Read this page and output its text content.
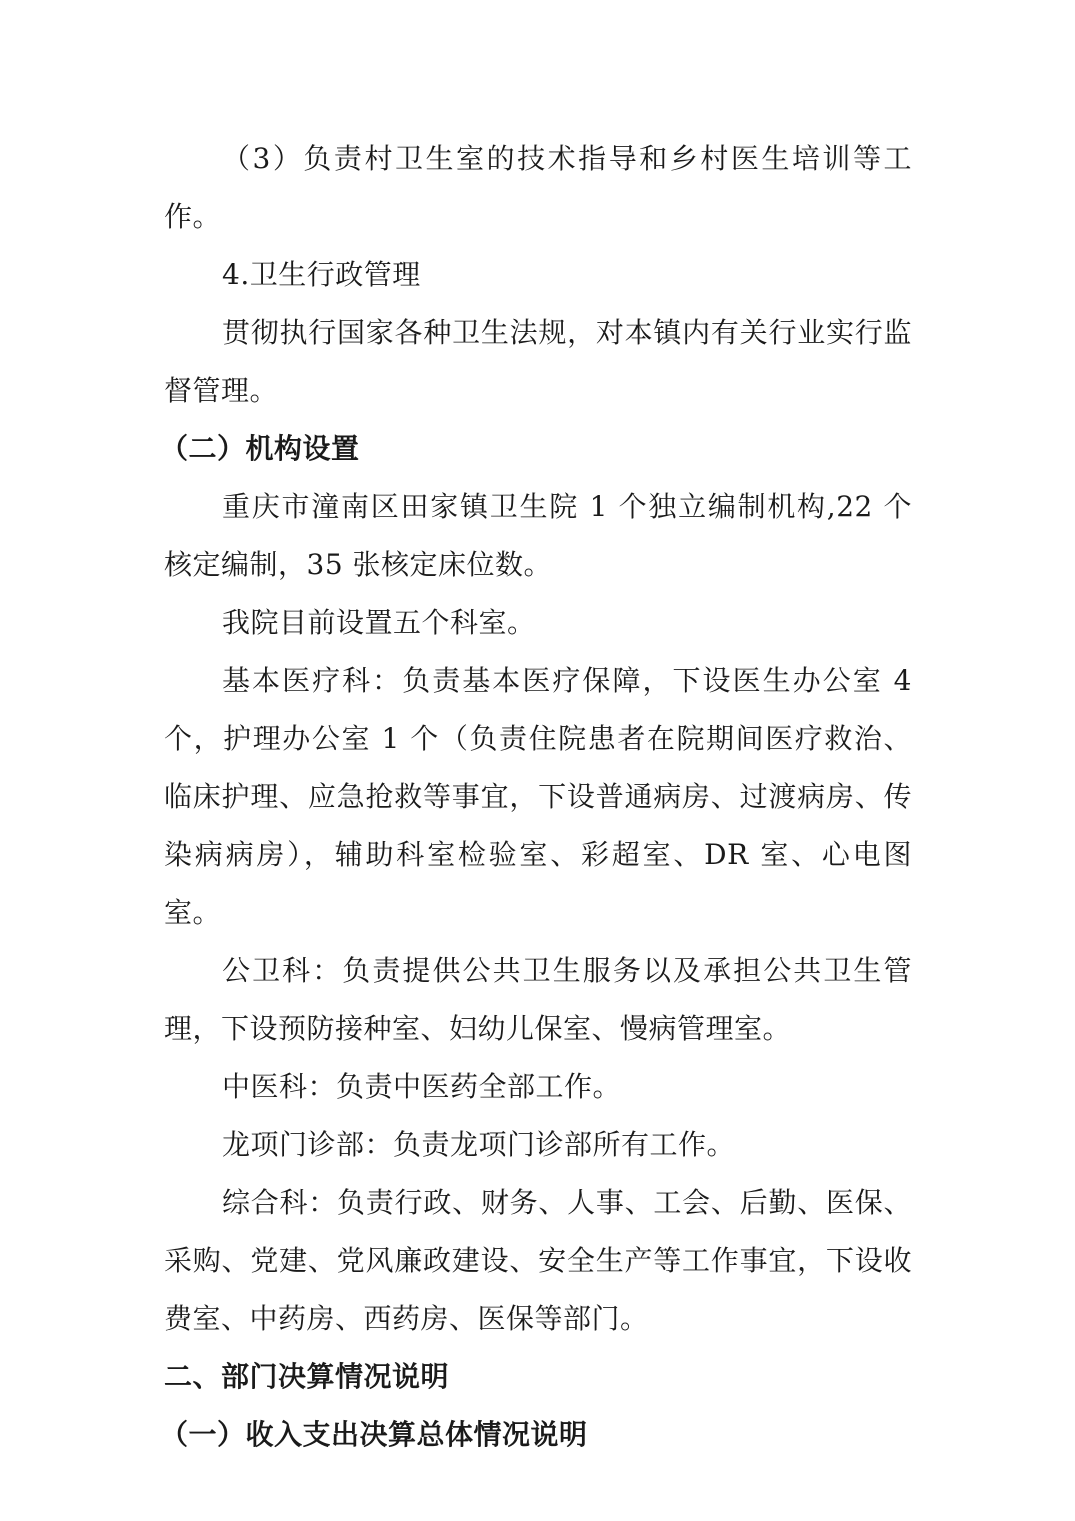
（3）负责村卫生室的技术指导和乡村医生培训等工作。

4.卫生行政管理

贯彻执行国家各种卫生法规，对本镇内有关行业实行监督管理。

（二）机构设置

重庆市潼南区田家镇卫生院 1 个独立编制机构,22 个核定编制，35 张核定床位数。

我院目前设置五个科室。

基本医疗科：负责基本医疗保障，下设医生办公室 4 个，护理办公室 1 个（负责住院患者在院期间医疗救治、临床护理、应急抢救等事宜，下设普通病房、过渡病房、传染病病房），辅助科室检验室、彩超室、DR 室、心电图室。

公卫科：负责提供公共卫生服务以及承担公共卫生管理，下设预防接种室、妇幼儿保室、慢病管理室。

中医科：负责中医药全部工作。

龙项门诊部：负责龙项门诊部所有工作。

综合科：负责行政、财务、人事、工会、后勤、医保、采购、党建、党风廉政建设、安全生产等工作事宜，下设收费室、中药房、西药房、医保等部门。

二、部门决算情况说明

（一）收入支出决算总体情况说明
